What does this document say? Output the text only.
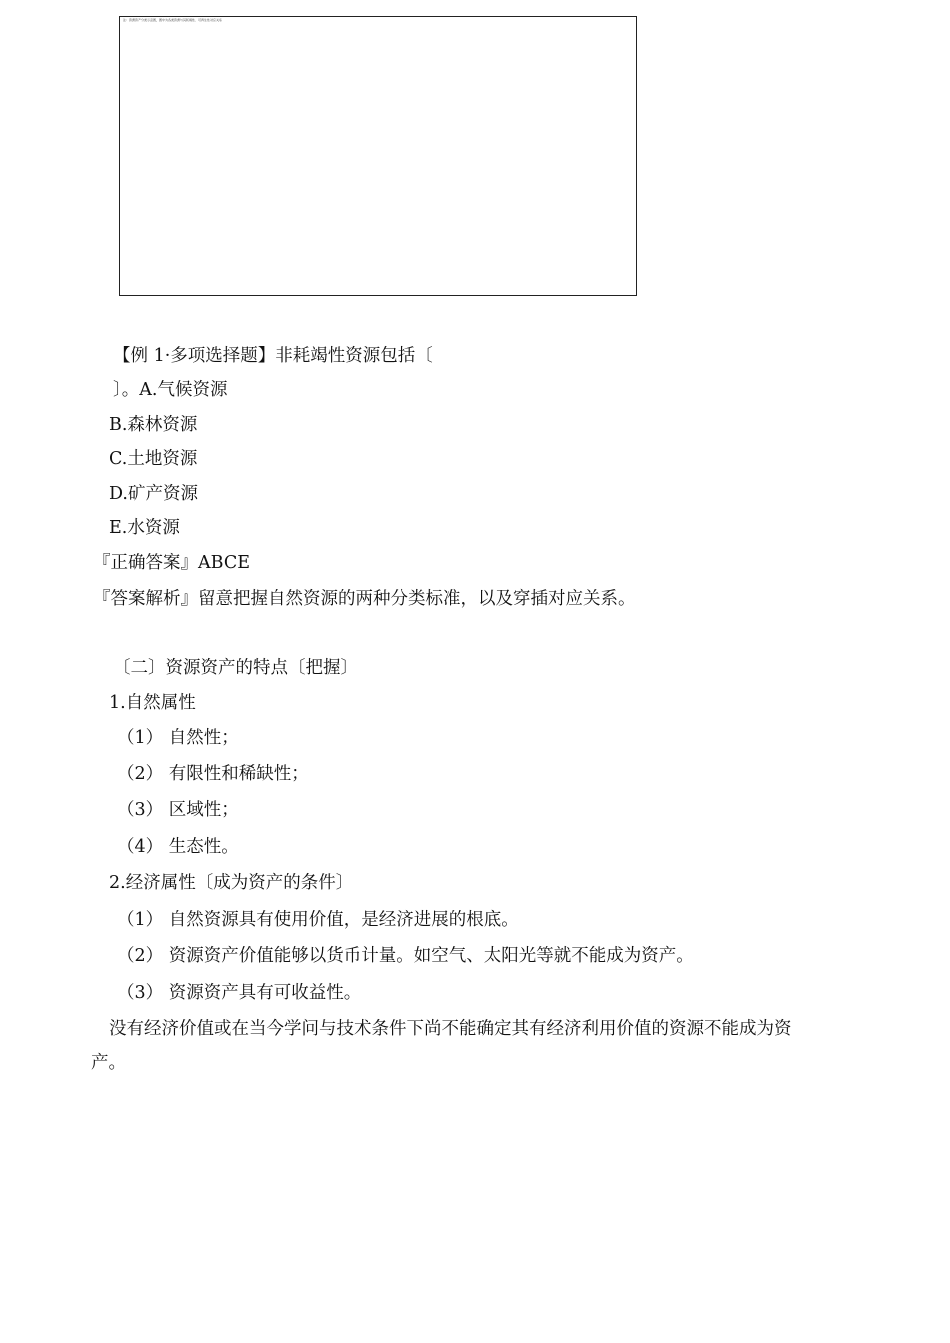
注：资源资产分类示意图，图中为各类资源与其耗竭性、可再生性对应关系
【例 1·多项选择题】非耗竭性资源包括〔
〕。A.气候资源
B.森林资源
C.土地资源
D.矿产资源
E.水资源
『正确答案』ABCE
『答案解析』留意把握自然资源的两种分类标准，以及穿插对应关系。
〔二〕资源资产的特点〔把握〕
1.自然属性
（1） 自然性；
（2） 有限性和稀缺性；
（3） 区域性；
（4） 生态性。
2.经济属性〔成为资产的条件〕
（1） 自然资源具有使用价值，是经济进展的根底。
（2） 资源资产价值能够以货币计量。如空气、太阳光等就不能成为资产。
（3） 资源资产具有可收益性。
没有经济价值或在当今学问与技术条件下尚不能确定其有经济利用价值的资源不能成为资
产。
